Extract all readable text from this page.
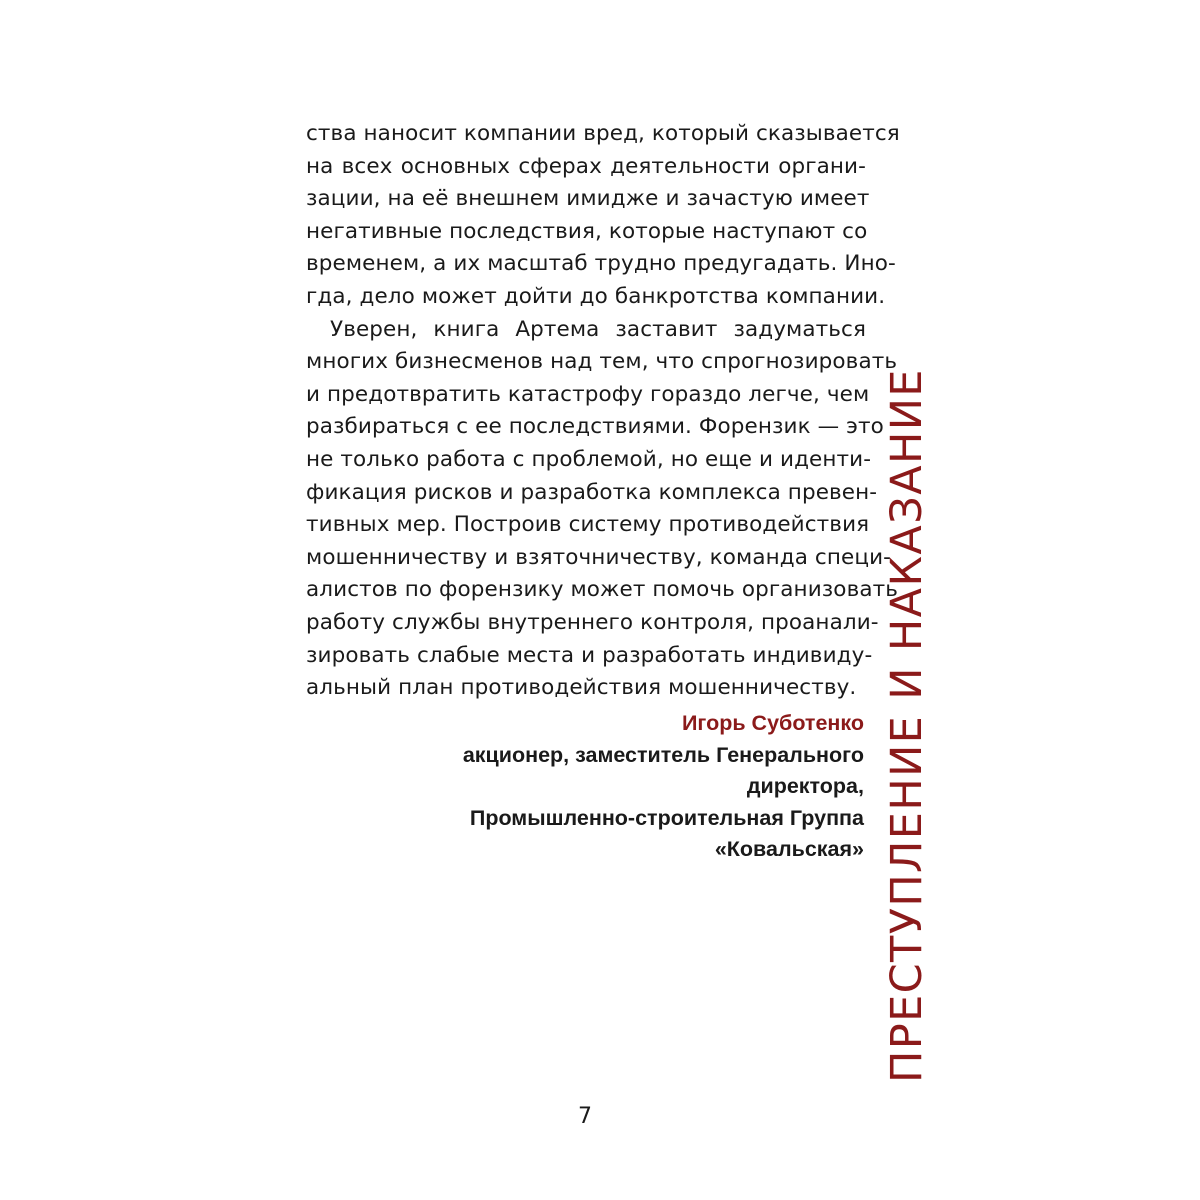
ства наносит компании вред, который сказывается
на всех основных сферах деятельности органи-
зации, на её внешнем имидже и зачастую имеет
негативные последствия, которые наступают со
временем, а их масштаб трудно предугадать. Ино-
гда, дело может дойти до банкротства компании.
Уверен, книга Артема заставит задуматься
многих бизнесменов над тем, что спрогнозировать
и предотвратить катастрофу гораздо легче, чем
разбираться с ее последствиями. Форензик — это
не только работа с проблемой, но еще и иденти-
фикация рисков и разработка комплекса превен-
тивных мер. Построив систему противодействия
мошенничеству и взяточничеству, команда специ-
алистов по форензику может помочь организовать
работу службы внутреннего контроля, проанали-
зировать слабые места и разработать индивиду-
альный план противодействия мошенничеству.
Игорь Суботенко
акционер, заместитель Генерального
директора,
Промышленно-строительная Группа
«Ковальская» ПРЕСТУПЛЕНИЕ И НАКАЗАНИЕ
7
